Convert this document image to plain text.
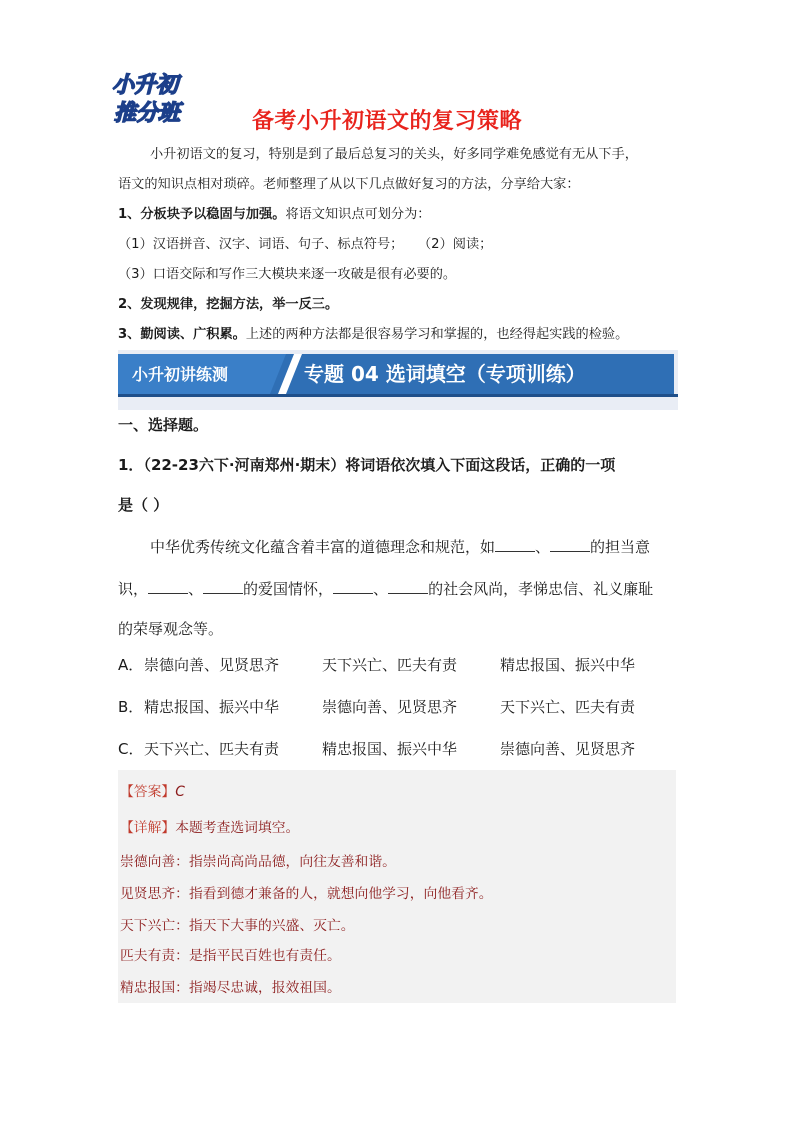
小升初
推分班	备考小升初语文的复习策略
小升初语文的复习，特别是到了最后总复习的关头，好多同学难免感觉有无从下手，
语文的知识点相对琐碎。老师整理了从以下几点做好复习的方法，分享给大家：
1、分板块予以稳固与加强。将语文知识点可划分为：
（1）汉语拼音、汉字、词语、句子、标点符号； （2）阅读；
（3）口语交际和写作三大模块来逐一攻破是很有必要的。
2、发现规律，挖掘方法，举一反三。
3、勤阅读、广积累。上述的两种方法都是很容易学习和掌握的，也经得起实践的检验。
小升初讲练测	专题 04 选词填空（专项训练）
一、选择题。
1．（22-23六下·河南郑州·期末）将词语依次填入下面这段话，正确的一项
是（ ）
中华优秀传统文化蕴含着丰富的道德理念和规范，如	、	的担当意
识，	、	的爱国情怀，	、	的社会风尚，孝悌忠信、礼义廉耻
的荣辱观念等。
A． 崇德向善、见贤思齐	天下兴亡、匹夫有责	精忠报国、振兴中华
B． 精忠报国、振兴中华	崇德向善、见贤思齐	天下兴亡、匹夫有责
C． 天下兴亡、匹夫有责	精忠报国、振兴中华	崇德向善、见贤思齐
【答案】C
【详解】本题考查选词填空。
崇德向善：指崇尚高尚品德，向往友善和谐。
见贤思齐：指看到德才兼备的人，就想向他学习，向他看齐。
天下兴亡：指天下大事的兴盛、灭亡。
匹夫有责：是指平民百姓也有责任。
精忠报国：指竭尽忠诚，报效祖国。
